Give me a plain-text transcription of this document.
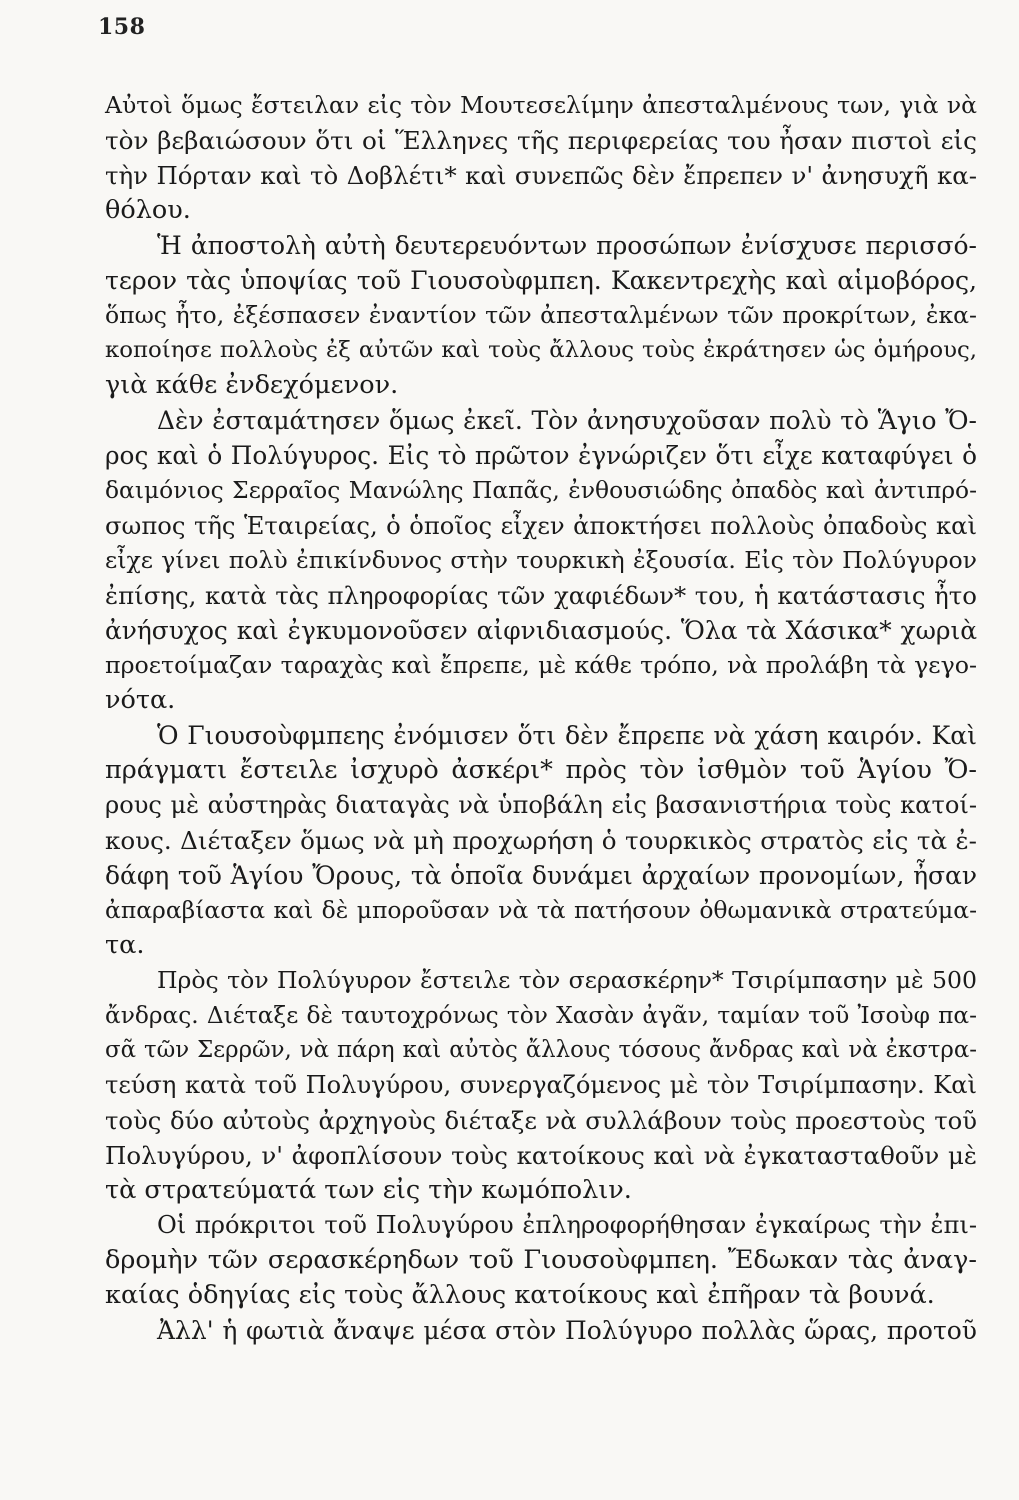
158
Αὐτοὶ ὅμως ἔστειλαν εἰς τὸν Μουτεσελίμην ἀπεσταλμένους των, γιὰ νὰ
τὸν βεβαιώσουν ὅτι οἱ Ἕλληνες τῆς περιφερείας του ἦσαν πιστοὶ εἰς
τὴν Πόρταν καὶ τὸ Δοβλέτι* καὶ συνεπῶς δὲν ἔπρεπεν ν' ἀνησυχῆ κα-
θόλου.
Ἡ ἀποστολὴ αὐτὴ δευτερευόντων προσώπων ἐνίσχυσε περισσό-
τερον τὰς ὑποψίας τοῦ Γιουσοὺφμπεη. Κακεντρεχὴς καὶ αἱμοβόρος,
ὅπως ἦτο, ἐξέσπασεν ἐναντίον τῶν ἀπεσταλμένων τῶν προκρίτων, ἐκα-
κοποίησε πολλοὺς ἐξ αὐτῶν καὶ τοὺς ἄλλους τοὺς ἐκράτησεν ὡς ὁμήρους,
γιὰ κάθε ἐνδεχόμενον.
Δὲν ἐσταμάτησεν ὅμως ἐκεῖ. Τὸν ἀνησυχοῦσαν πολὺ τὸ Ἅγιο Ὄ-
ρος καὶ ὁ Πολύγυρος. Εἰς τὸ πρῶτον ἐγνώριζεν ὅτι εἶχε καταφύγει ὁ
δαιμόνιος Σερραῖος Μανώλης Παπᾶς, ἐνθουσιώδης ὀπαδὸς καὶ ἀντιπρό-
σωπος τῆς Ἑταιρείας, ὁ ὁποῖος εἶχεν ἀποκτήσει πολλοὺς ὀπαδοὺς καὶ
εἶχε γίνει πολὺ ἐπικίνδυνος στὴν τουρκικὴ ἐξουσία. Εἰς τὸν Πολύγυρον
ἐπίσης, κατὰ τὰς πληροφορίας τῶν χαφιέδων* του, ἡ κατάστασις ἦτο
ἀνήσυχος καὶ ἐγκυμονοῦσεν αἰφνιδιασμούς. Ὅλα τὰ Χάσικα* χωριὰ
προετοίμαζαν ταραχὰς καὶ ἔπρεπε, μὲ κάθε τρόπο, νὰ προλάβη τὰ γεγο-
νότα.
Ὁ Γιουσοὺφμπεης ἐνόμισεν ὅτι δὲν ἔπρεπε νὰ χάση καιρόν. Καὶ
πράγματι ἔστειλε ἰσχυρὸ ἀσκέρι* πρὸς τὸν ἰσθμὸν τοῦ Ἁγίου Ὄ-
ρους μὲ αὐστηρὰς διαταγὰς νὰ ὑποβάλη εἰς βασανιστήρια τοὺς κατοί-
κους. Διέταξεν ὅμως νὰ μὴ προχωρήση ὁ τουρκικὸς στρατὸς εἰς τὰ ἐ-
δάφη τοῦ Ἁγίου Ὄρους, τὰ ὁποῖα δυνάμει ἀρχαίων προνομίων, ἦσαν
ἀπαραβίαστα καὶ δὲ μποροῦσαν νὰ τὰ πατήσουν ὀθωμανικὰ στρατεύμα-
τα.
Πρὸς τὸν Πολύγυρον ἔστειλε τὸν σερασκέρην* Τσιρίμπασην μὲ 500
ἄνδρας. Διέταξε δὲ ταυτοχρόνως τὸν Χασὰν ἀγᾶν, ταμίαν τοῦ Ἰσοὺφ πα-
σᾶ τῶν Σερρῶν, νὰ πάρη καὶ αὐτὸς ἄλλους τόσους ἄνδρας καὶ νὰ ἐκστρα-
τεύση κατὰ τοῦ Πολυγύρου, συνεργαζόμενος μὲ τὸν Τσιρίμπασην. Καὶ
τοὺς δύο αὐτοὺς ἀρχηγοὺς διέταξε νὰ συλλάβουν τοὺς προεστοὺς τοῦ
Πολυγύρου, ν' ἀφοπλίσουν τοὺς κατοίκους καὶ νὰ ἐγκατασταθοῦν μὲ
τὰ στρατεύματά των εἰς τὴν κωμόπολιν.
Οἱ πρόκριτοι τοῦ Πολυγύρου ἐπληροφορήθησαν ἐγκαίρως τὴν ἐπι-
δρομὴν τῶν σερασκέρηδων τοῦ Γιουσοὺφμπεη. Ἔδωκαν τὰς ἀναγ-
καίας ὁδηγίας εἰς τοὺς ἄλλους κατοίκους καὶ ἐπῆραν τὰ βουνά.
Ἀλλ' ἡ φωτιὰ ἄναψε μέσα στὸν Πολύγυρο πολλὰς ὥρας, προτοῦ
